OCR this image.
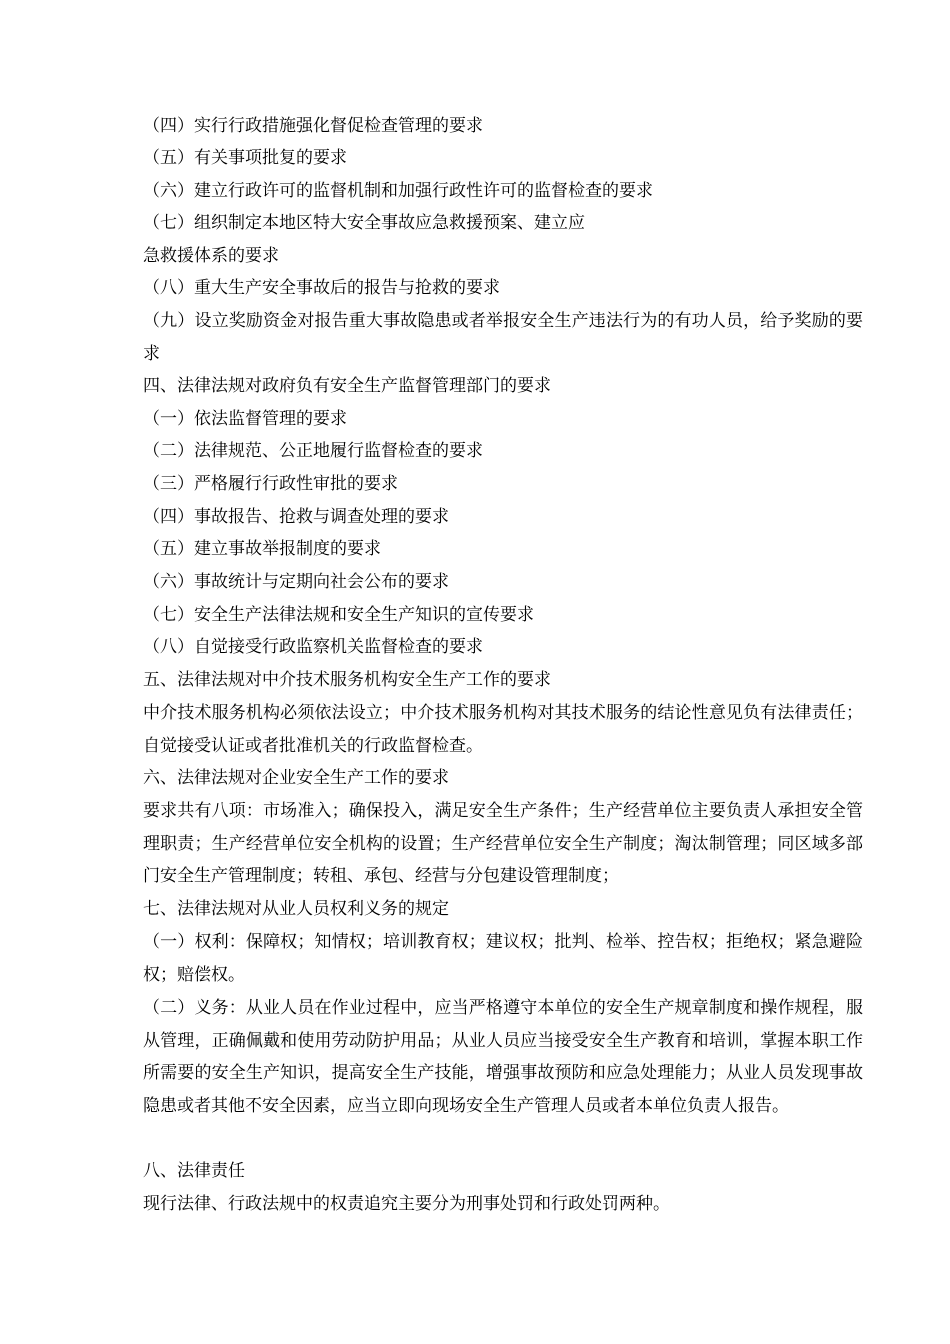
（四）实行行政措施强化督促检查管理的要求
（五）有关事项批复的要求
（六）建立行政许可的监督机制和加强行政性许可的监督检查的要求
（七）组织制定本地区特大安全事故应急救援预案、建立应
急救援体系的要求
（八）重大生产安全事故后的报告与抢救的要求
（九）设立奖励资金对报告重大事故隐患或者举报安全生产违法行为的有功人员，给予奖励的要求
四、法律法规对政府负有安全生产监督管理部门的要求
（一）依法监督管理的要求
（二）法律规范、公正地履行监督检查的要求
（三）严格履行行政性审批的要求
（四）事故报告、抢救与调查处理的要求
（五）建立事故举报制度的要求
（六）事故统计与定期向社会公布的要求
（七）安全生产法律法规和安全生产知识的宣传要求
（八）自觉接受行政监察机关监督检查的要求
五、法律法规对中介技术服务机构安全生产工作的要求
中介技术服务机构必须依法设立；中介技术服务机构对其技术服务的结论性意见负有法律责任；自觉接受认证或者批准机关的行政监督检查。
六、法律法规对企业安全生产工作的要求
要求共有八项：市场准入；确保投入，满足安全生产条件；生产经营单位主要负责人承担安全管理职责；生产经营单位安全机构的设置；生产经营单位安全生产制度；淘汰制管理；同区域多部门安全生产管理制度；转租、承包、经营与分包建设管理制度；
七、法律法规对从业人员权利义务的规定
（一）权利：保障权；知情权；培训教育权；建议权；批判、检举、控告权；拒绝权；紧急避险权；赔偿权。
（二）义务：从业人员在作业过程中，应当严格遵守本单位的安全生产规章制度和操作规程，服从管理，正确佩戴和使用劳动防护用品；从业人员应当接受安全生产教育和培训，掌握本职工作所需要的安全生产知识，提高安全生产技能，增强事故预防和应急处理能力；从业人员发现事故隐患或者其他不安全因素，应当立即向现场安全生产管理人员或者本单位负责人报告。
八、法律责任
现行法律、行政法规中的权责追究主要分为刑事处罚和行政处罚两种。
